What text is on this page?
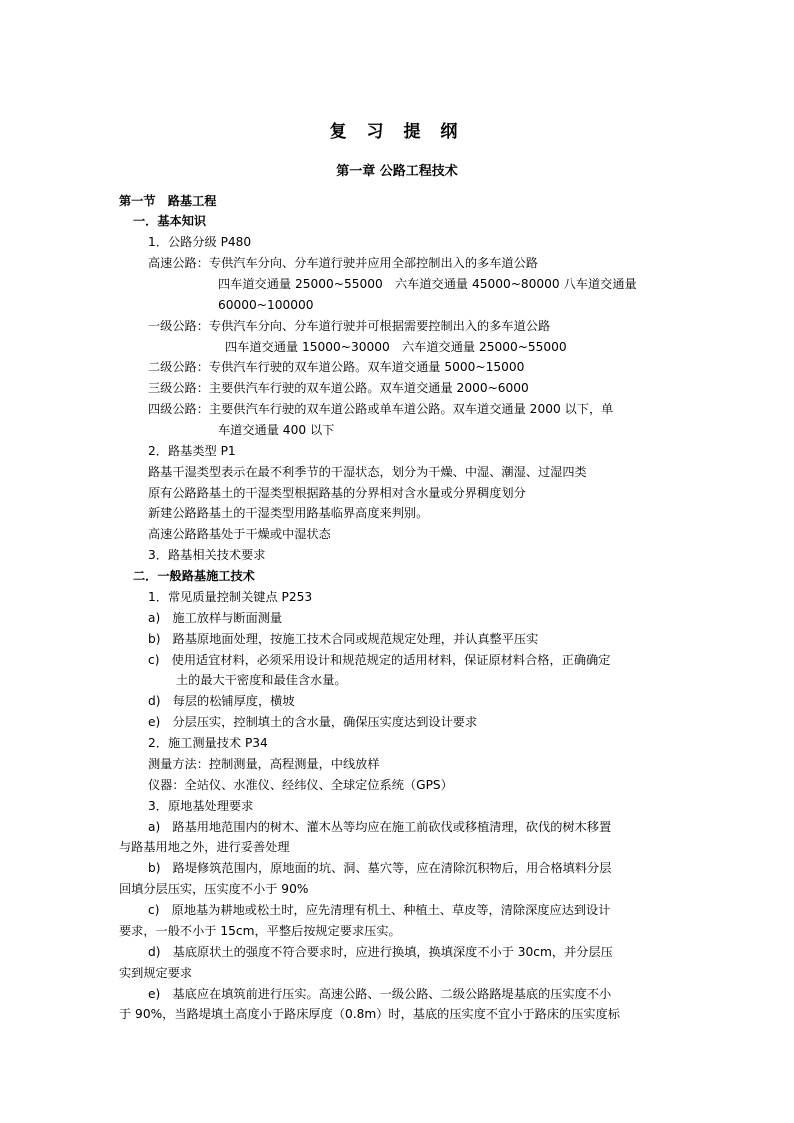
复 习 提 纲
第一章 公路工程技术
第一节　路基工程
一．基本知识
1．公路分级 P480
高速公路：专供汽车分向、分车道行驶并应用全部控制出入的多车道公路
四车道交通量 25000~55000　六车道交通量 45000~80000 八车道交通量
60000~100000
一级公路：专供汽车分向、分车道行驶并可根据需要控制出入的多车道公路
四车道交通量 15000~30000　六车道交通量 25000~55000
二级公路：专供汽车行驶的双车道公路。双车道交通量 5000~15000
三级公路：主要供汽车行驶的双车道公路。双车道交通量 2000~6000
四级公路：主要供汽车行驶的双车道公路或单车道公路。双车道交通量 2000 以下，单
车道交通量 400 以下
2．路基类型 P1
路基干湿类型表示在最不利季节的干湿状态，划分为干燥、中湿、潮湿、过湿四类
原有公路路基土的干湿类型根据路基的分界相对含水量或分界稠度划分
新建公路路基土的干湿类型用路基临界高度来判别。
高速公路路基处于干燥或中湿状态
3．路基相关技术要求
二．一般路基施工技术
1．常见质量控制关键点 P253
a)　施工放样与断面测量
b)　路基原地面处理，按施工技术合同或规范规定处理，并认真整平压实
c)　使用适宜材料，必须采用设计和规范规定的适用材料，保证原材料合格，正确确定
土的最大干密度和最佳含水量。
d)　每层的松铺厚度，横坡
e)　分层压实，控制填土的含水量，确保压实度达到设计要求
2．施工测量技术 P34
测量方法：控制测量，高程测量，中线放样
仪器：全站仪、水准仪、经纬仪、全球定位系统（GPS）
3．原地基处理要求
a)　路基用地范围内的树木、灌木丛等均应在施工前砍伐或移植清理，砍伐的树木移置
与路基用地之外，进行妥善处理
b)　路堤修筑范围内，原地面的坑、洞、墓穴等，应在清除沉积物后，用合格填料分层
回填分层压实，压实度不小于 90%
c)　原地基为耕地或松土时，应先清理有机土、种植土、草皮等，清除深度应达到设计
要求，一般不小于 15cm，平整后按规定要求压实。
d)　基底原状土的强度不符合要求时，应进行换填，换填深度不小于 30cm，并分层压
实到规定要求
e)　基底应在填筑前进行压实。高速公路、一级公路、二级公路路堤基底的压实度不小
于 90%，当路堤填土高度小于路床厚度（0.8m）时，基底的压实度不宜小于路床的压实度标
